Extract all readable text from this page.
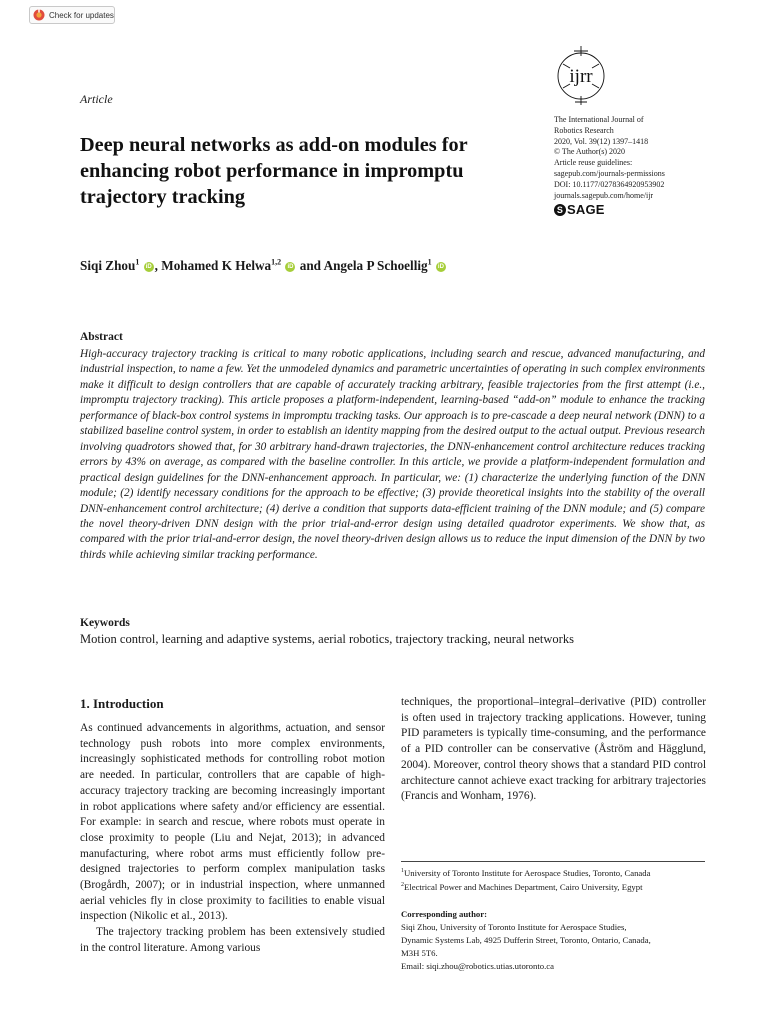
Check for updates
ijrr
Article
Deep neural networks as add-on modules for enhancing robot performance in impromptu trajectory tracking
The International Journal of
Robotics Research
2020, Vol. 39(12) 1397–1418
© The Author(s) 2020
Article reuse guidelines:
sagepub.com/journals-permissions
DOI: 10.1177/0278364920953902
journals.sagepub.com/home/ijr
S SAGE
Siqi Zhou$^1$ iD , Mohamed K Helwa$^{1,2}$ iD and Angela P Schoellig$^1$ iD
Abstract

High-accuracy trajectory tracking is critical to many robotic applications, including search and rescue, advanced manufacturing, and industrial inspection, to name a few. Yet the unmodeled dynamics and parametric uncertainties of operating in such complex environments make it difficult to design controllers that are capable of accurately tracking arbitrary, feasible trajectories from the first attempt (i.e., impromptu trajectory tracking). This article proposes a platform-independent, learning-based “add-on” module to enhance the tracking performance of black-box control systems in impromptu tracking tasks. Our approach is to pre-cascade a deep neural network (DNN) to a stabilized baseline control system, in order to establish an identity mapping from the desired output to the actual output. Previous research involving quadrotors showed that, for 30 arbitrary hand-drawn trajectories, the DNN-enhancement control architecture reduces tracking errors by 43% on average, as compared with the baseline controller. In this article, we provide a platform-independent formulation and practical design guidelines for the DNN-enhancement approach. In particular, we: (1) characterize the underlying function of the DNN module; (2) identify necessary conditions for the approach to be effective; (3) provide theoretical insights into the stability of the overall DNN-enhancement control architecture; (4) derive a condition that supports data-efficient training of the DNN module; and (5) compare the novel theory-driven DNN design with the prior trial-and-error design using detailed quadrotor experiments. We show that, as compared with the prior trial-and-error design, the novel theory-driven design allows us to reduce the input dimension of the DNN by two thirds while achieving similar tracking performance.

Keywords
Motion control, learning and adaptive systems, aerial robotics, trajectory tracking, neural networks
1. Introduction

As continued advancements in algorithms, actuation, and sensor technology push robots into more complex environments, increasingly sophisticated methods for controlling robot motion are needed. In particular, controllers that are capable of high-accuracy trajectory tracking are becoming increasingly important in robot applications where safety and/or efficiency are essential. For example: in search and rescue, where robots must operate in close proximity to people (Liu and Nejat, 2013); in advanced manufacturing, where robot arms must efficiently follow pre-designed trajectories to perform complex manipulation tasks (Brogårdh, 2007); or in industrial inspection, where unmanned aerial vehicles fly in close proximity to facilities to enable visual inspection (Nikolic et al., 2013).

The trajectory tracking problem has been extensively studied in the control literature. Among various

techniques, the proportional–integral–derivative (PID) controller is often used in trajectory tracking applications. However, tuning PID parameters is typically time-consuming, and the performance of a PID controller can be conservative (Åström and Hägglund, 2004). Moreover, control theory shows that a standard PID control architecture cannot achieve exact tracking for arbitrary trajectories (Francis and Wonham, 1976).

$^1$University of Toronto Institute for Aerospace Studies, Toronto, Canada
$^2$Electrical Power and Machines Department, Cairo University, Egypt
Corresponding author:
Siqi Zhou, University of Toronto Institute for Aerospace Studies,
Dynamic Systems Lab, 4925 Dufferin Street, Toronto, Ontario, Canada,
M3H 5T6.
Email: siqi.zhou@robotics.utias.utoronto.ca
